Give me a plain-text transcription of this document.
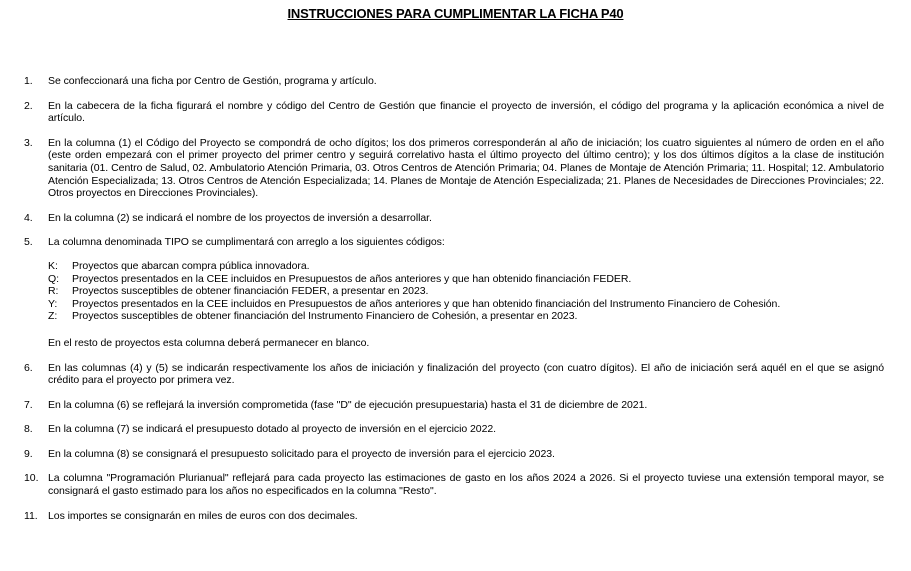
INSTRUCCIONES PARA CUMPLIMENTAR LA FICHA P40
1.	Se confeccionará una ficha por Centro de Gestión, programa y artículo.
2.	En la cabecera de la ficha figurará el nombre y código del Centro de Gestión que financie el proyecto de inversión, el código del programa y la aplicación económica a nivel de artículo.
3.	En la columna (1) el Código del Proyecto se compondrá de ocho dígitos; los dos primeros corresponderán al año de iniciación; los cuatro siguientes al número de orden en el año (este orden empezará con el primer proyecto del primer centro y seguirá correlativo hasta el último proyecto del último centro); y los dos últimos dígitos a la clase de institución sanitaria (01. Centro de Salud, 02. Ambulatorio Atención Primaria, 03. Otros Centros de Atención Primaria; 04. Planes de Montaje de Atención Primaria; 11. Hospital; 12. Ambulatorio Atención Especializada; 13. Otros Centros de Atención Especializada; 14. Planes de Montaje de Atención Especializada; 21. Planes de Necesidades de Direcciones Provinciales; 22. Otros proyectos en Direcciones Provinciales).
4.	En la columna (2) se indicará el nombre de los proyectos de inversión a desarrollar.
5.	La columna denominada TIPO se cumplimentará con arreglo a los siguientes códigos:
K:	Proyectos que abarcan compra pública innovadora.
Q:	Proyectos presentados en la CEE incluidos en Presupuestos de años anteriores y que han obtenido financiación FEDER.
R:	Proyectos susceptibles de obtener financiación FEDER, a presentar en 2023.
Y:	Proyectos presentados en la CEE incluidos en Presupuestos de años anteriores y que han obtenido financiación del Instrumento Financiero de Cohesión.
Z:	Proyectos susceptibles de obtener financiación del Instrumento Financiero de Cohesión, a presentar en 2023.
En el resto de proyectos esta columna deberá permanecer en blanco.
6.	En las columnas (4) y (5) se indicarán respectivamente los años de iniciación y finalización del proyecto (con cuatro dígitos). El año de iniciación será aquél en el que se asignó crédito para el proyecto por primera vez.
7.	En la columna (6) se reflejará la inversión comprometida (fase "D" de ejecución presupuestaria) hasta el 31 de diciembre de 2021.
8.	En la columna (7) se indicará el presupuesto dotado al proyecto de inversión en el ejercicio 2022.
9.	En la columna (8) se consignará el presupuesto solicitado para el proyecto de inversión para el ejercicio 2023.
10. La columna "Programación Plurianual" reflejará para cada proyecto las estimaciones de gasto en los años 2024 a 2026. Si el proyecto tuviese una extensión temporal mayor, se consignará el gasto estimado para los años no especificados en la columna "Resto".
11. Los importes se consignarán en miles de euros con dos decimales.
